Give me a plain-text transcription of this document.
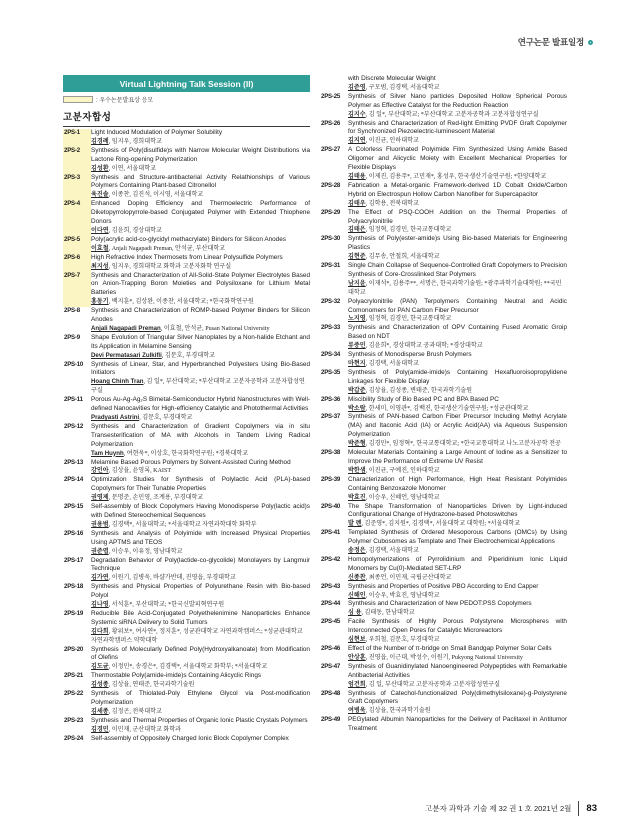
연구논문 발표일정
Virtual Lightning Talk Session (II)
: 우수논문발표상 응모
고분자합성
2PS-1	Light Induced Modulation of Polymer Solubility
김경례, 임지우, 경희대학교
2PS-2	Synthesis of Poly(disulfide)s with Narrow Molecular Weight Distributions via Lactone Ring-opening Polymerization
김성환, 이연, 서울대학교
2PS-3	Synthesis and Structure-antibacterial Activity Relathionships of Various Polymers Containing Plant-based Citronellol
육진솔, 이종찬, 김진석, 이시영, 서울대학교
2PS-4	Enhanced Doping Efficiency and Thermoelectric Performance of Diketopyrrolopyrrole-based Conjugated Polymer with Extended Thiophene Donors
이다연, 김윤희, 경상대학교
2PS-5	Poly(acrylic acid-co-glycidyl methacrylate) Binders for Silicon Anodes
이효철, Anjali Nagapadi Preman, 안석균, 부산대학교
2PS-6	High Refractive Index Thermosets from Linear Polysulfide Polymers
최지성, 임지우, 경희대학교 화학과 고분자화학 연구실
2PS-7	Synthesis and Characterization of All-Solid-State Polymer Electrolytes Based on Anion-Trapping Boron Moieties and Polysiloxane for Lithium Metal Batteries
홍동기, 백지훈*, 김상완, 이종찬, 서울대학교; *한국화학연구원
2PS-8	Synthesis and Characterization of ROMP-based Polymer Binders for Silicon Anodes
Anjali Nagapadi Preman, 이효철, 안석균, Pusan National University
2PS-9	Shape Evolution of Triangular Silver Nanoplates by a Non-halide Etchant and Its Application in Melamine Sensing
Devi Permatasari Zulkifli, 김문호, 부경대학교
2PS-10	Synthesis of Linear, Star, and Hyperbranched Polyesters Using Bio-Based Initiators
Hoang Chinh Tran, 김 일*, 부산대학교; *부산대학교 고분자공학과 고분자합성연구실
2PS-11	Porous Au-Ag-Ag₂S Bimetal-Semiconductor Hybrid Nanostructures with Well-defined Nanocavities for High-efficiency Catalytic and Photothermal Activities
Pradyasti Astrini, 김문호, 부경대학교
2PS-12	Synthesis and Characterization of Gradient Copolymers via in situ Transesterification of MA with Alcohols in Tandem Living Radical Polymerization
Tam Huynh, 여현욱*, 이상호, 한국화학연구원; *경북대학교
2PS-13	Melamine Based Porous Polymers by Solvent-Assisted Curing Method
강인아, 김상율, 윤영록, KAIST
2PS-14	Optimization Studies for Synthesis of Polylactic Acid (PLA)-based Copolymers for Their Tunable Properties
권영제, 문명준, 손민영, 조계용, 부경대학교
2PS-15	Self-assembly of Block Copolymers Having Monodisperse Poly(lactic acid)s with Defined Stereochemical Sequences
권용범, 김경택*, 서울대학교; *서울대학교 자연과학대학 화학부
2PS-16	Synthesis and Analysis of Polyimide with Increased Physical Properties Using APTMS and TEOS
권준엽, 이승우, 이유정, 영남대학교
2PS-17	Degradation Behavior of Poly(lactide-co-glycolide) Monolayers by Langmuir Technique
김가연, 이원기, 김병욱, 바샬가반데, 진영읍, 부경대학교
2PS-18	Synthesis and Physical Properties of Polyurethane Resin with Bio-based Polyol
김나영, 서석훈*, 부산대학교; *한국신발피혁연구원
2PS-19	Reducible Bile Acid-Conjugated Polyethelenimine Nanoparticles Enhance Systemic siRNA Delivery to Solid Tumors
김다희, 황위보*, 여사연*, 정지훈*, 성균관대학교 자연과학캠퍼스; *성균관대학교 자연과학캠퍼스 약학대학
2PS-20	Synthesis of Molecularly Defined Poly(Hydroxyalkanoate) from Modification of Olefins
김도균, 이정민*, 송경은*, 김경택*, 서울대학교 화학부; *서울대학교
2PS-21	Thermostable Poly(amide-imide)s Containing Alicyclic Rings
김성종, 김상율, 연태준, 한국과학기술원
2PS-22	Synthesis of Thiolated-Poly Ethylene Glycol via Post-modification Polymerization
김세종, 김정곤, 전북대학교
2PS-23	Synthesis and Thermal Properties of Organic Ionic Plastic Crystals Polymers
김경민, 이민재, 군산대학교 화학과
2PS-24	Self-assembly of Oppositely Charged Ionic Block Copolymer Complex
with Discrete Molecular Weight
김준영, 구모범, 김경택, 서울대학교
2PS-25	Synthesis of Silver Nano particles Deposited Hollow Spherical Porous Polymer as Effective Catalyst for the Reduction Reaction
김지수, 김 일*, 부산대학교; *부산대학교 고분자공학과 고분자합성연구실
2PS-26	Synthesis and Characterization of Red-light Emitting PVDF Graft Copolymer for Synchronized Piezoelectric-luminescent Material
김지연, 이진균, 인하대학교
2PS-27	A Colorless Fluorinated Polyimide Film Synthesized Using Amide Based Oligomer and Alicyclic Moiety with Excellent Mechanical Properties for Flexible Displays
김태용, 이제진, 김용주*, 고민재*, 홍성우, 한국생산기술연구원; *한양대학교
2PS-28	Fabrication a Metal-organic Framework-derived 1D Cobalt Oxide/Carbon Hybrid on Electrospun Hollow Carbon Nanofiber for Supercapacitor
김태우, 김학용, 전북대학교
2PS-29	The Effect of PSQ-COOH Addition on the Thermal Properties of Polyacrylonitrile
김태은, 임정혁, 김경민, 한국교통대학교
2PS-30	Synthesis of Poly(ester-amide)s Using Bio-based Materials for Engineering Plastics
김현준, 김무송, 안철희, 서울대학교
2PS-31	Single Chain Collapse of Sequence-Controlled Graft Copolymers to Precision Synthesis of Core-Crosslinked Star Polymers
남지윤, 이재석*, 김용주**, 서명은, 한국과학기술원; *광주과학기술대학원; **국민대학교
2PS-32	Polyacrylonitrile (PAN) Terpolymers Containing Neutral and Acidic Comonomers for PAN Carbon Fiber Precursor
노지영, 임정혁, 김경민, 한국교통대학교
2PS-33	Synthesis and Characterization of OPV Containing Fused Aromatic Groip Based on NDT
류중민, 김윤희*, 경상대학교 공과대학; *경상대학교
2PS-34	Synthesis of Monodisperse Brush Polymers
마현지, 김경택, 서울대학교
2PS-35	Synthesis of Poly(amide-imide)s Containing Hexafluoroisopropylidene Linkages for Flexible Display
박갑준, 김상율, 김성종, 변태준, 한국과학기술원
2PS-36	Miscibility Study of Bio Based PC and BPA Based PC
박소람, 한세미, 이영관*, 김백진, 한국생산기술연구원; *성균관대학교
2PS-37	Synthesis of PAN-based Carbon Fiber Precursor Including Methyl Acrylate (MA) and Itaconic Acid (IA) or Acrylic Acid(AA) via Aqueous Suspension Polymerization
박준형, 김경민*, 임정혁*, 한국교통대학교; *한국교통대학교 나노고분자공학 전공
2PS-38	Molecular Materials Containing a Large Amount of Iodine as a Sensitizer to Improve the Performance of Extreme UV Resist
박한샘, 이진균, 구예진, 인하대학교
2PS-39	Characterization of High Performance, High Heat Resistant Polyimides Containing Benzoxazole Monomer
박효진, 이승우, 신혜언, 영남대학교
2PS-40	The Shape Transformation of Nanoparticles Driven by Light-induced Configurational Change of Hydrazone-based Photoswitches
발 렌, 김준영*, 김지원*, 김경택*, 서울대학교 대학원; *서울대학교
2PS-41	Templated Synthesis of Ordered Mesoporous Carbons (OMCs) by Using Polymer Cubosomes as Template and Their Electrochemical Applications
송정은, 김경택, 서울대학교
2PS-42	Homopolymerizations of Pyrrolidinium and Piperidinium Ionic Liquid Monomers by Cu(0)-Mediated SET-LRP
신종찬, 최종언, 이민재, 국립군산대학교
2PS-43	Synthesis and Properties of Positive PBO According to End Capper
신해인, 이승우, 박효진, 영남대학교
2PS-44	Synthesis and Characterization of New PEDOT:PSS Copolymers
심 용, 김태동, 한남대학교
2PS-45	Facile Synthesis of Highly Porous Polystyrene Microspheres with Interconnected Open Pores for Catalytic Microreactors
심현보, 우희철, 김문호, 부경대학교
2PS-46	Effect of the Number of π-bridge on Small Bandgap Polymer Solar Cells
안상훈, 진영읍, 이근대, 박성수, 이원기, Pukyong National University
2PS-47	Synthesis of Guanidinylated Nanoengineered Polypeptides with Remarkable Antibacterial Activities
엄건희, 김 일, 부산대학교 고분자공학과 고분자합성연구실
2PS-48	Synthesis of Catechol-functionalized Poly(dimethylsiloxane)-g-Polystyrene Graft Copolymers
여병욱, 김상율, 한국과학기술원
2PS-49	PEGylated Albumin Nanoparticles for the Delivery of Paclitaxel in Antitumor Treatment
고분자 과학과 기술 제 32 권 1 호 2021년 2월 83
